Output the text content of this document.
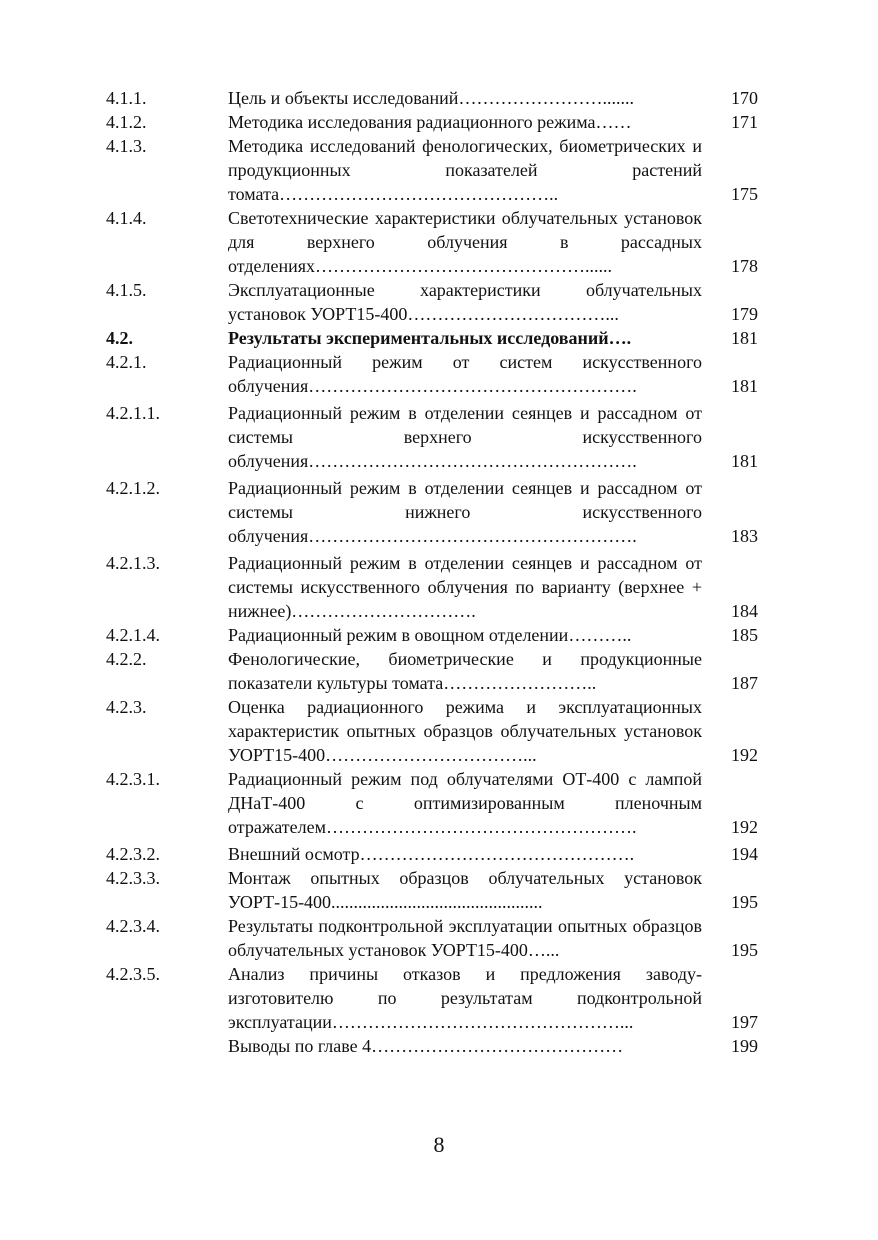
4.1.1.	Цель и объекты исследований…………………….......	170
4.1.2.	Методика исследования радиационного режима……	171
4.1.3.	Методика исследований фенологических, биометрических и продукционных показателей растений томата………………………………………..	175
4.1.4.	Светотехнические характеристики облучательных установок для верхнего облучения в рассадных отделениях………………………………………......	178
4.1.5.	Эксплуатационные характеристики облучательных установок УОРТ15-400……………………………...	179
4.2.	Результаты экспериментальных исследований….	181
4.2.1.	Радиационный режим от систем искусственного облучения……………………………………………….	181
4.2.1.1.	Радиационный режим в отделении сеянцев и рассадном от системы верхнего искусственного облучения……………………………………………….	181
4.2.1.2.	Радиационный режим в отделении сеянцев и рассадном от системы нижнего искусственного облучения……………………………………………….	183
4.2.1.3.	Радиационный режим в отделении сеянцев и рассадном от системы искусственного облучения по варианту (верхнее + нижнее)………………………….	184
4.2.1.4.	Радиационный режим в овощном отделении………..	185
4.2.2.	Фенологические, биометрические и продукционные показатели культуры томата……………………..	187
4.2.3.	Оценка радиационного режима и эксплуатационных характеристик опытных образцов облучательных установок УОРТ15-400……………………………...	192
4.2.3.1.	Радиационный режим под облучателями ОТ-400 с лампой ДНаТ-400 с оптимизированным пленочным отражателем…………………………………………….	192
4.2.3.2.	Внешний осмотр……………………………………….	194
4.2.3.3.	Монтаж опытных образцов облучательных установок УОРТ-15-400...............................................	195
4.2.3.4.	Результаты подконтрольной эксплуатации опытных образцов облучательных установок УОРТ15-400…...	195
4.2.3.5.	Анализ причины отказов и предложения заводу-изготовителю по результатам подконтрольной эксплуатации…………………………………………...	197
Выводы по главе 4……………………………………	199
8
